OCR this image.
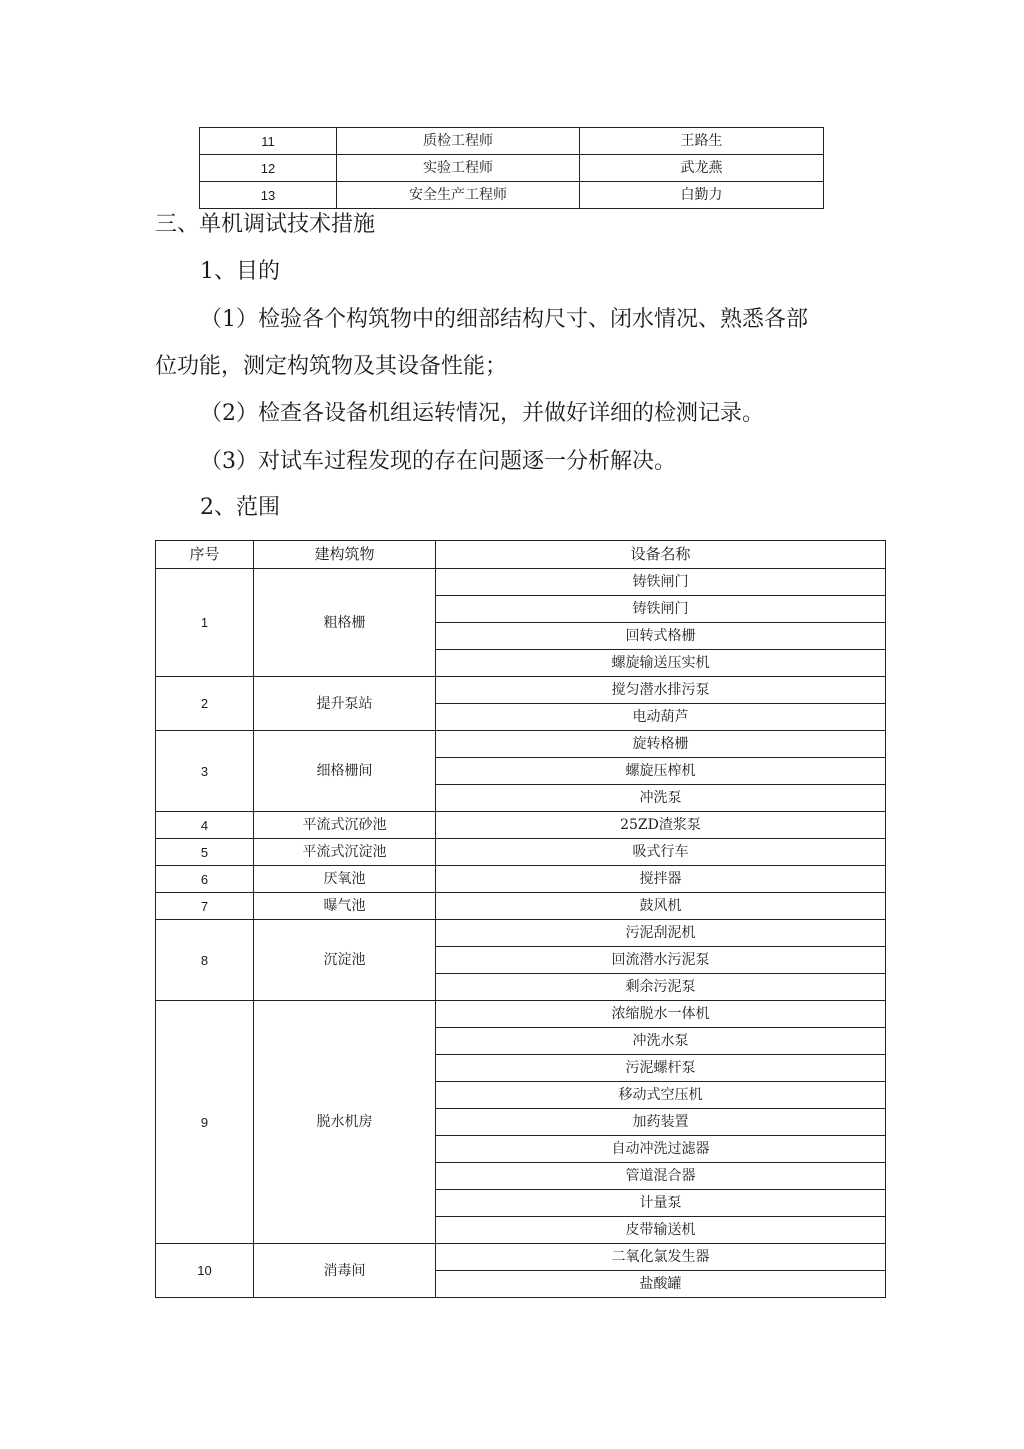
11	质检工程师	王路生
12	实验工程师	武龙燕
13	安全生产工程师	白勤力
三、单机调试技术措施
1、目的
（1）检验各个构筑物中的细部结构尺寸、闭水情况、熟悉各部
位功能，测定构筑物及其设备性能；
（2）检查各设备机组运转情况，并做好详细的检测记录。
（3）对试车过程发现的存在问题逐一分析解决。
2、范围
序号	建构筑物	设备名称
1	粗格栅	铸铁闸门
		铸铁闸门
		回转式格栅
		螺旋输送压实机
2	提升泵站	搅匀潜水排污泵
		电动葫芦
3	细格栅间	旋转格栅
		螺旋压榨机
		冲洗泵
4	平流式沉砂池	25ZD渣浆泵
5	平流式沉淀池	吸式行车
6	厌氧池	搅拌器
7	曝气池	鼓风机
8	沉淀池	污泥刮泥机
		回流潜水污泥泵
		剩余污泥泵
9	脱水机房	浓缩脱水一体机
		冲洗水泵
		污泥螺杆泵
		移动式空压机
		加药装置
		自动冲洗过滤器
		管道混合器
		计量泵
		皮带输送机
10	消毒间	二氧化氯发生器
		盐酸罐
